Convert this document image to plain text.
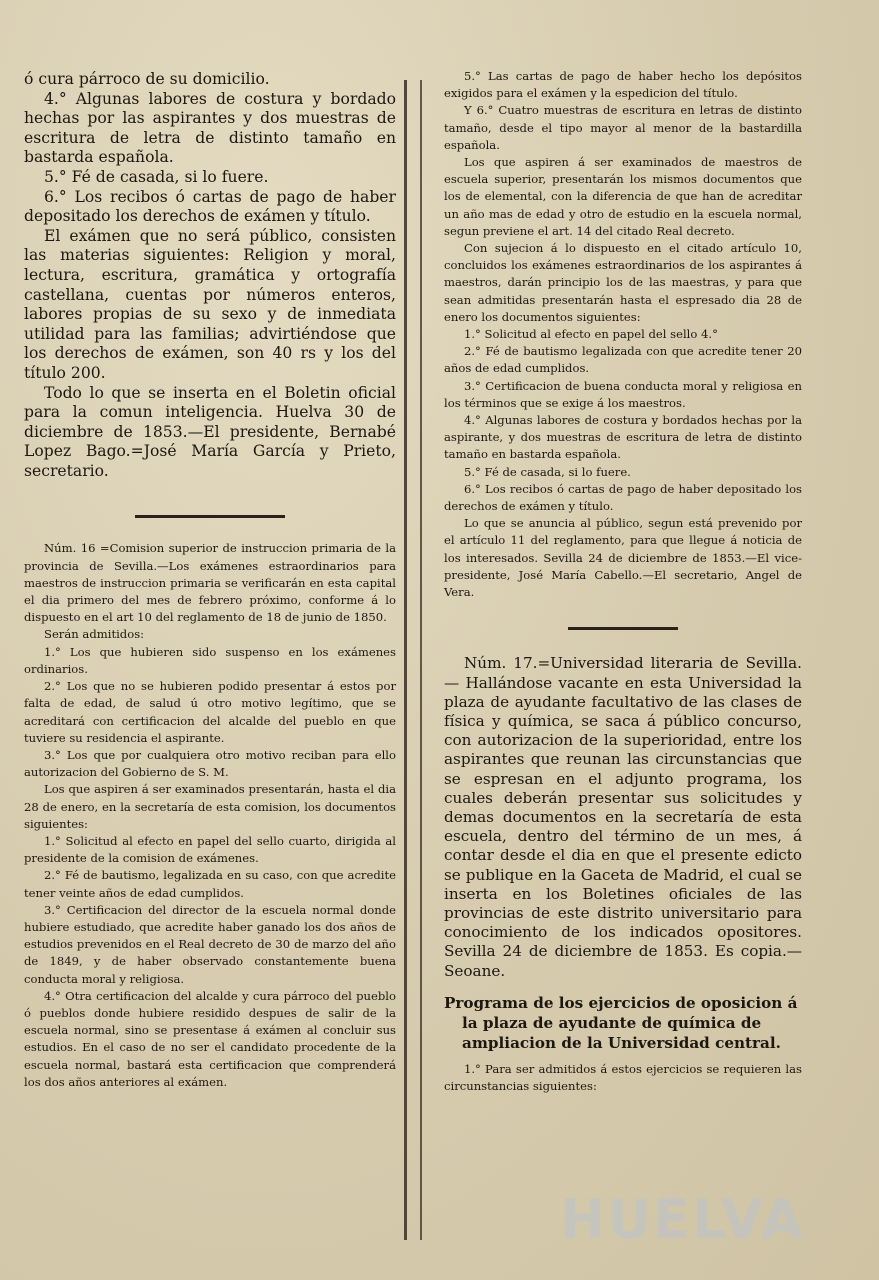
ó cura párroco de su domicilio.

4.° Algunas labores de costura y bordado hechas por las aspirantes y dos muestras de escritura de letra de distinto tamaño en bastarda española.

5.° Fé de casada, si lo fuere.

6.° Los recibos ó cartas de pago de haber depositado los derechos de exámen y título.

El exámen que no será público, consisten las materias siguientes: Religion y moral, lectura, escritura, gramática y ortografía castellana, cuentas por números enteros, labores propias de su sexo y de inmediata utilidad para las familias; advirtiéndose que los derechos de exámen, son 40 rs y los del título 200.

Todo lo que se inserta en el Boletin oficial para la comun inteligencia. Huelva 30 de diciembre de 1853.—El presidente, Bernabé Lopez Bago.=José María García y Prieto, secretario.

Núm. 16 =Comision superior de instruccion primaria de la provincia de Sevilla.—Los exámenes estraordinarios para maestros de instruccion primaria se verificarán en esta capital el dia primero del mes de febrero próximo, conforme á lo dispuesto en el art 10 del reglamento de 18 de junio de 1850.

Serán admitidos:

1.° Los que hubieren sido suspenso en los exámenes ordinarios.

2.° Los que no se hubieren podido presentar á estos por falta de edad, de salud ú otro motivo legítimo, que se acreditará con certificacion del alcalde del pueblo en que tuviere su residencia el aspirante.

3.° Los que por cualquiera otro motivo reciban para ello autorizacion del Gobierno de S. M.

Los que aspiren á ser examinados presentarán, hasta el dia 28 de enero, en la secretaría de esta comision, los documentos siguientes:

1.° Solicitud al efecto en papel del sello cuarto, dirigida al presidente de la comision de exámenes.

2.° Fé de bautismo, legalizada en su caso, con que acredite tener veinte años de edad cumplidos.

3.° Certificacion del director de la escuela normal donde hubiere estudiado, que acredite haber ganado los dos años de estudios prevenidos en el Real decreto de 30 de marzo del año de 1849, y de haber observado constantemente buena conducta moral y religiosa.

4.° Otra certificacion del alcalde y cura párroco del pueblo ó pueblos donde hubiere residido despues de salir de la escuela normal, sino se presentase á exámen al concluir sus estudios. En el caso de no ser el candidato procedente de la escuela normal, bastará esta certificacion que comprenderá los dos años anteriores al exámen.

5.° Las cartas de pago de haber hecho los depósitos exigidos para el exámen y la espedicion del título.

Y 6.° Cuatro muestras de escritura en letras de distinto tamaño, desde el tipo mayor al menor de la bastardilla española.

Los que aspiren á ser examinados de maestros de escuela superior, presentarán los mismos documentos que los de elemental, con la diferencia de que han de acreditar un año mas de edad y otro de estudio en la escuela normal, segun previene el art. 14 del citado Real decreto.

Con sujecion á lo dispuesto en el citado artículo 10, concluidos los exámenes estraordinarios de los aspirantes á maestros, darán principio los de las maestras, y para que sean admitidas presentarán hasta el espresado dia 28 de enero los documentos siguientes:

1.° Solicitud al efecto en papel del sello 4.°

2.° Fé de bautismo legalizada con que acredite tener 20 años de edad cumplidos.

3.° Certificacion de buena conducta moral y religiosa en los términos que se exige á los maestros.

4.° Algunas labores de costura y bordados hechas por la aspirante, y dos muestras de escritura de letra de distinto tamaño en bastarda española.

5.° Fé de casada, si lo fuere.

6.° Los recibos ó cartas de pago de haber depositado los derechos de exámen y título.

Lo que se anuncia al público, segun está prevenido por el artículo 11 del reglamento, para que llegue á noticia de los interesados. Sevilla 24 de diciembre de 1853.—El vice-presidente, José María Cabello.—El secretario, Angel de Vera.

Núm. 17.=Universidad literaria de Sevilla.— Hallándose vacante en esta Universidad la plaza de ayudante facultativo de las clases de física y química, se saca á público concurso, con autorizacion de la superioridad, entre los aspirantes que reunan las circunstancias que se espresan en el adjunto programa, los cuales deberán presentar sus solicitudes y demas documentos en la secretaría de esta escuela, dentro del término de un mes, á contar desde el dia en que el presente edicto se publique en la Gaceta de Madrid, el cual se inserta en los Boletines oficiales de las provincias de este distrito universitario para conocimiento de los indicados opositores. Sevilla 24 de diciembre de 1853. Es copia.—Seoane.

Programa de los ejercicios de oposicion á la plaza de ayudante de química de ampliacion de la Universidad central.

1.° Para ser admitidos á estos ejercicios se requieren las circunstancias siguientes:

HUELVA
